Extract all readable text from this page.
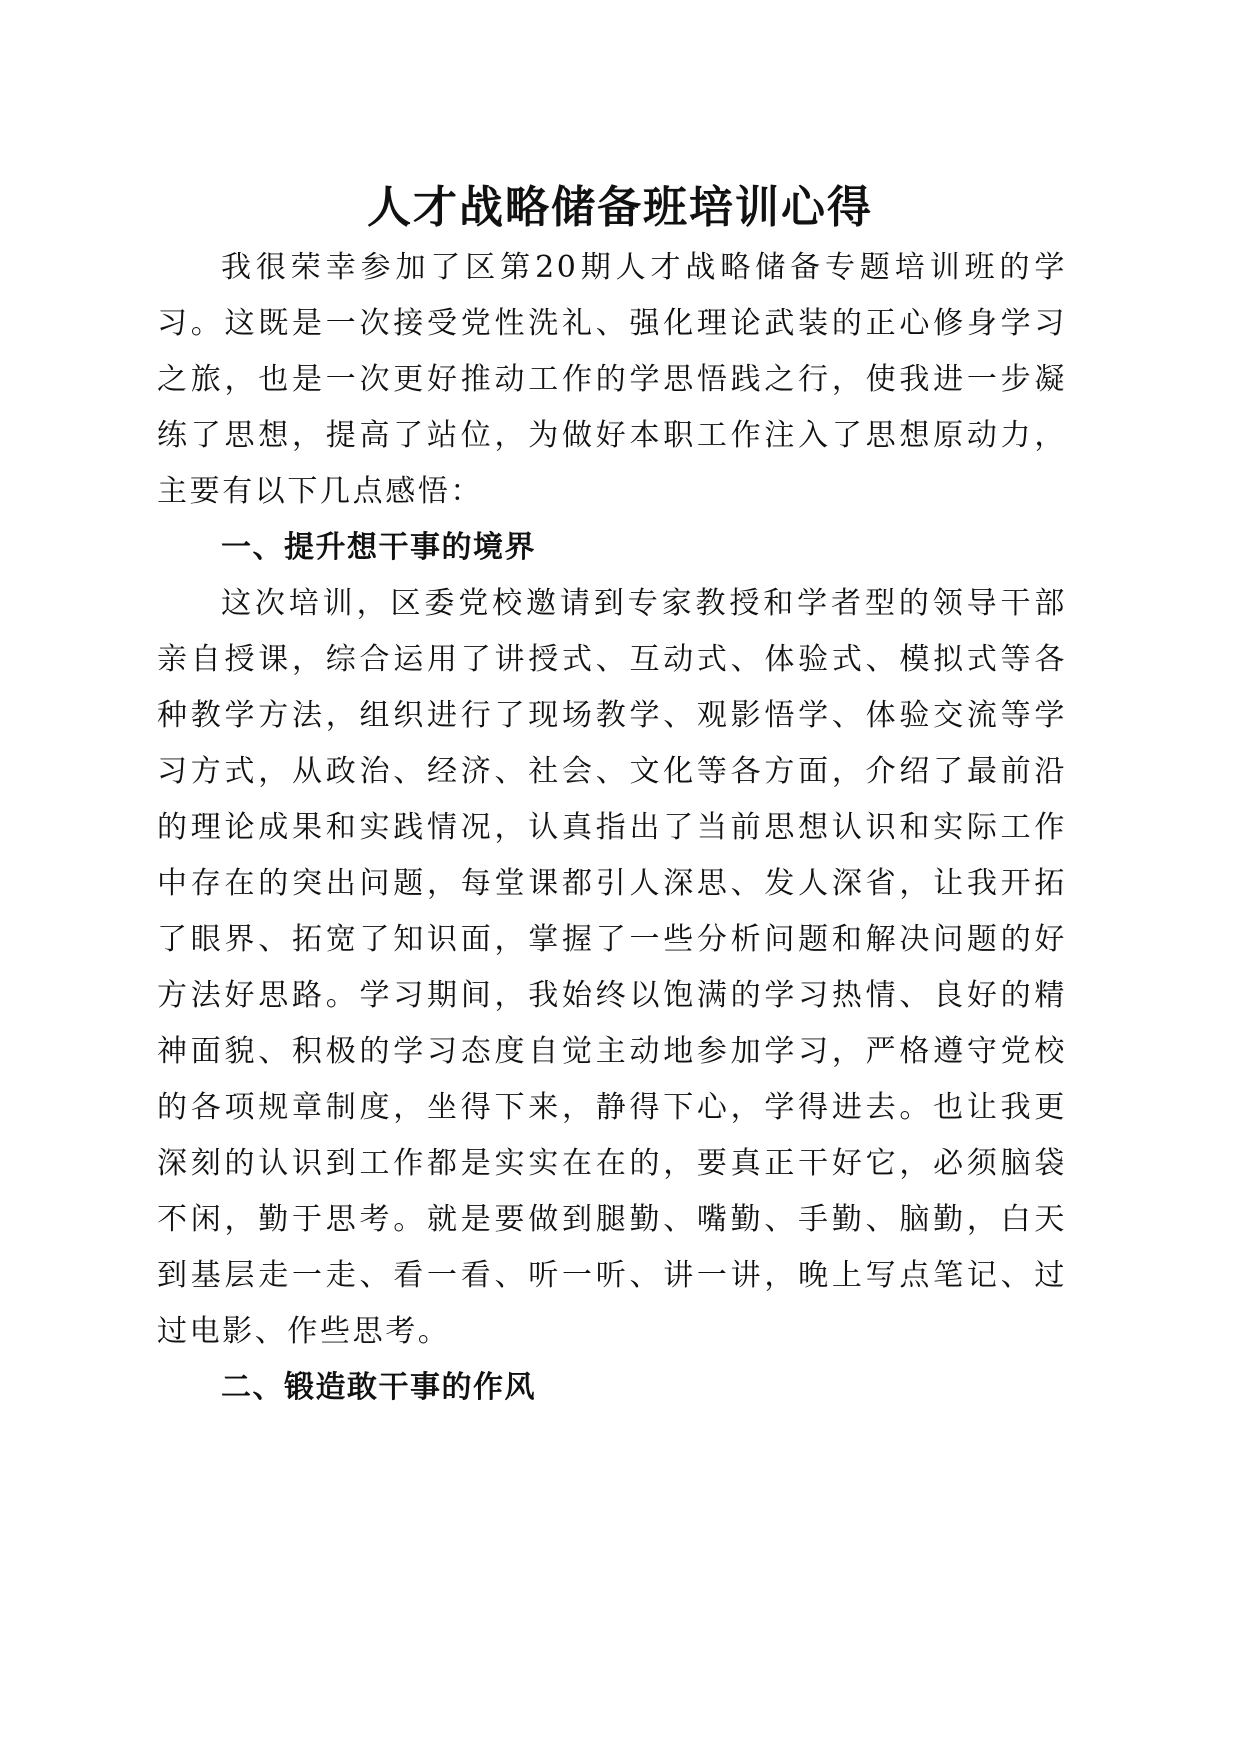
人才战略储备班培训心得

我很荣幸参加了区第20期人才战略储备专题培训班的学习。这既是一次接受党性洗礼、强化理论武装的正心修身学习之旅，也是一次更好推动工作的学思悟践之行，使我进一步凝练了思想，提高了站位，为做好本职工作注入了思想原动力，主要有以下几点感悟：

一、提升想干事的境界

这次培训，区委党校邀请到专家教授和学者型的领导干部亲自授课，综合运用了讲授式、互动式、体验式、模拟式等各种教学方法，组织进行了现场教学、观影悟学、体验交流等学习方式，从政治、经济、社会、文化等各方面，介绍了最前沿的理论成果和实践情况，认真指出了当前思想认识和实际工作中存在的突出问题，每堂课都引人深思、发人深省，让我开拓了眼界、拓宽了知识面，掌握了一些分析问题和解决问题的好方法好思路。学习期间，我始终以饱满的学习热情、良好的精神面貌、积极的学习态度自觉主动地参加学习，严格遵守党校的各项规章制度，坐得下来，静得下心，学得进去。也让我更深刻的认识到工作都是实实在在的，要真正干好它，必须脑袋不闲，勤于思考。就是要做到腿勤、嘴勤、手勤、脑勤，白天到基层走一走、看一看、听一听、讲一讲，晚上写点笔记、过过电影、作些思考。

二、锻造敢干事的作风
